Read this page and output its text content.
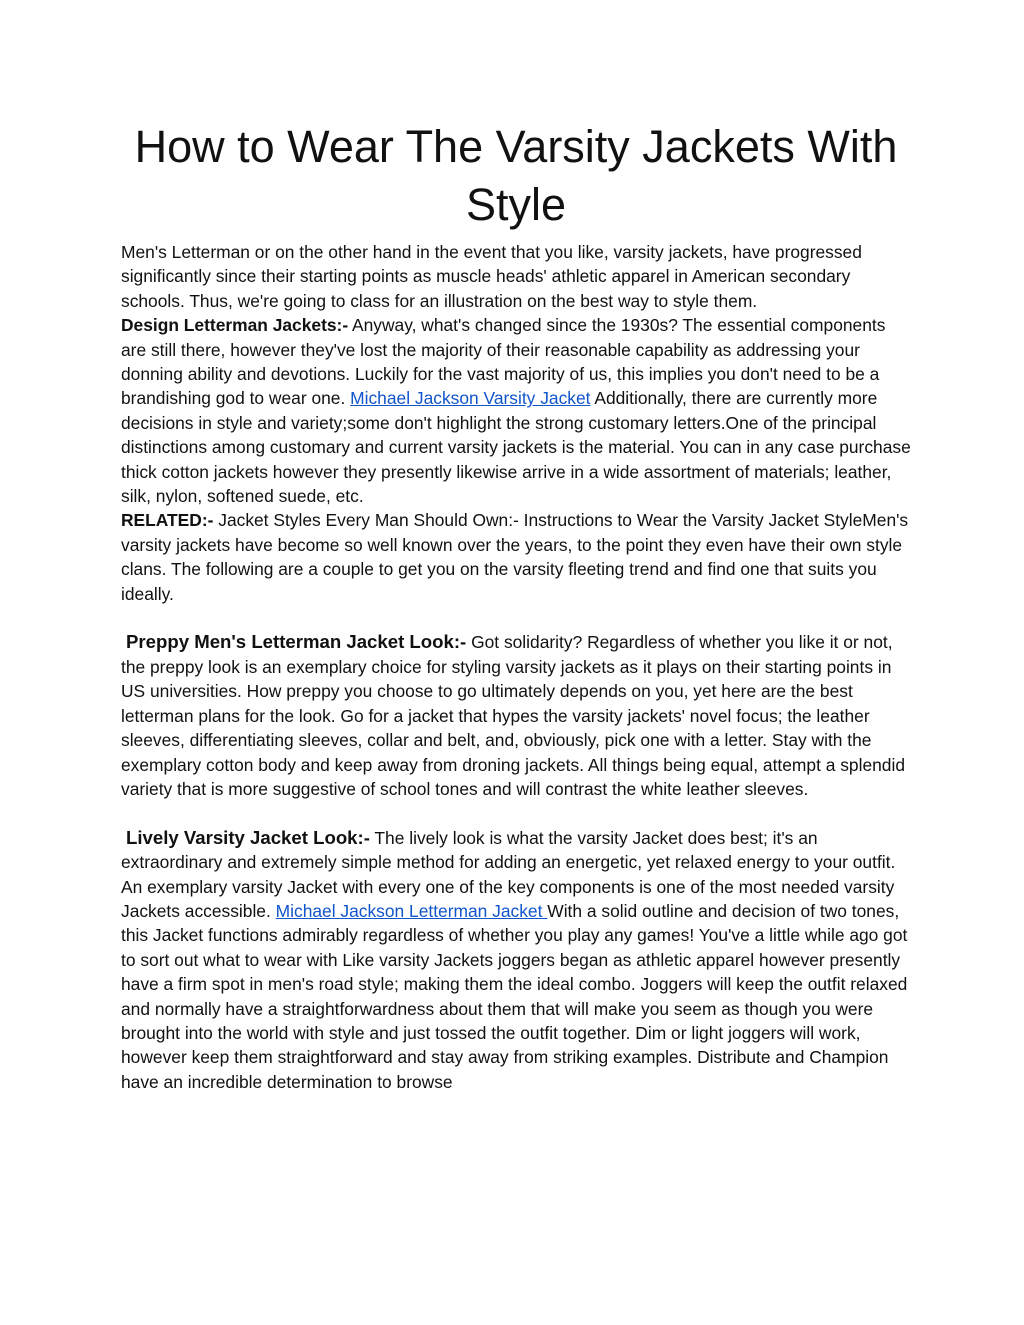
How to Wear The Varsity Jackets With Style

Men's Letterman or on the other hand in the event that you like, varsity jackets, have progressed significantly since their starting points as muscle heads' athletic apparel in American secondary schools. Thus, we're going to class for an illustration on the best way to style them.
Design Letterman Jackets:- Anyway, what's changed since the 1930s? The essential components are still there, however they've lost the majority of their reasonable capability as addressing your donning ability and devotions. Luckily for the vast majority of us, this implies you don't need to be a brandishing god to wear one. Michael Jackson Varsity Jacket Additionally, there are currently more decisions in style and variety;some don't highlight the strong customary letters.One of the principal distinctions among customary and current varsity jackets is the material. You can in any case purchase thick cotton jackets however they presently likewise arrive in a wide assortment of materials; leather, silk, nylon, softened suede, etc.
RELATED:- Jacket Styles Every Man Should Own:- Instructions to Wear the Varsity Jacket StyleMen's varsity jackets have become so well known over the years, to the point they even have their own style clans. The following are a couple to get you on the varsity fleeting trend and find one that suits you ideally.

Preppy Men's Letterman Jacket Look:- Got solidarity? Regardless of whether you like it or not, the preppy look is an exemplary choice for styling varsity jackets as it plays on their starting points in US universities. How preppy you choose to go ultimately depends on you, yet here are the best letterman plans for the look. Go for a jacket that hypes the varsity jackets' novel focus; the leather sleeves, differentiating sleeves, collar and belt, and, obviously, pick one with a letter. Stay with the exemplary cotton body and keep away from droning jackets. All things being equal, attempt a splendid variety that is more suggestive of school tones and will contrast the white leather sleeves.

Lively Varsity Jacket Look:- The lively look is what the varsity Jacket does best; it's an extraordinary and extremely simple method for adding an energetic, yet relaxed energy to your outfit. An exemplary varsity Jacket with every one of the key components is one of the most needed varsity Jackets accessible. Michael Jackson Letterman Jacket With a solid outline and decision of two tones, this Jacket functions admirably regardless of whether you play any games! You've a little while ago got to sort out what to wear with Like varsity Jackets joggers began as athletic apparel however presently have a firm spot in men's road style; making them the ideal combo. Joggers will keep the outfit relaxed and normally have a straightforwardness about them that will make you seem as though you were brought into the world with style and just tossed the outfit together. Dim or light joggers will work, however keep them straightforward and stay away from striking examples. Distribute and Champion have an incredible determination to browse
